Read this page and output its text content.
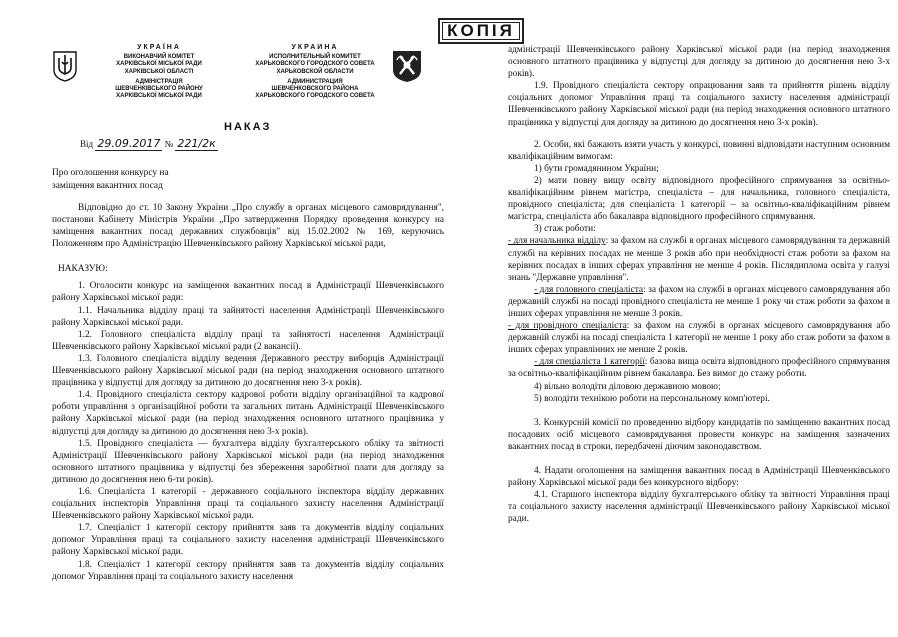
КОПІЯ
УКРАЇНА
ВИКОНАВЧИЙ КОМІТЕТ
ХАРКІВСЬКОЇ МІСЬКОЇ РАДИ
ХАРКІВСЬКОЇ ОБЛАСТІ
АДМІНІСТРАЦІЯ
ШЕВЧЕНКІВСЬКОГО РАЙОНУ
ХАРКІВСЬКОЇ МІСЬКОЇ РАДИ
УКРАИНА
ИСПОЛНИТЕЛЬНЫЙ КОМИТЕТ
ХАРЬКОВСКОГО ГОРОДСКОГО СОВЕТА
ХАРЬКОВСКОЙ ОБЛАСТИ
АДМИНИСТРАЦИЯ
ШЕВЧЕНКОВСКОГО РАЙОНА
ХАРЬКОВСКОГО ГОРОДСКОГО СОВЕТА
НАКАЗ
Від 29.09.2017 № 221/2к
Про оголошення конкурсу на
заміщення вакантних посад

Відповідно до ст. 10 Закону України „Про службу в органах місцевого самоврядування", постанови Кабінету Міністрів України „Про затвердження Порядку проведення конкурсу на заміщення вакантних посад державних службовців" від 15.02.2002 № 169, керуючись Положенням про Адміністрацію Шевченківського району Харківської міської ради,

НАКАЗУЮ:

1. Оголосити конкурс на заміщення вакантних посад в Адміністрації Шевченківського району Харківської міської ради:

1.1. Начальника відділу праці та зайнятості населення Адміністрації Шевченківського району Харківської міської ради.

1.2. Головного спеціаліста відділу праці та зайнятості населення Адміністрації Шевченківського району Харківської міської ради (2 вакансії).

1.3. Головного спеціаліста відділу ведення Державного реєстру виборців Адміністрації Шевченківського району Харківської міської ради (на період знаходження основного штатного працівника у відпустці для догляду за дитиною до досягнення нею 3-х років).

1.4. Провідного спеціаліста сектору кадрової роботи відділу організаційної та кадрової роботи управління з організаційної роботи та загальних питань Адміністрації Шевченківського району Харківської міської ради (на період знаходження основного штатного працівника у відпустці для догляду за дитиною до досягнення нею 3-х років).

1.5. Провідного спеціаліста — бухгалтера відділу бухгалтерського обліку та звітності Адміністрації Шевченківського району Харківської міської ради (на період знаходження основного штатного працівника у відпустці без збереження заробітної плати для догляду за дитиною до досягнення нею 6-ти років).

1.6. Спеціаліста 1 категорії - державного соціального інспектора відділу державних соціальних інспекторів Управління праці та соціального захисту населення Адміністрації Шевченківського району Харківської міської ради.

1.7. Спеціаліст 1 категорії сектору прийняття заяв та документів відділу соціальних допомог Управління праці та соціального захисту населення адміністрації Шевченківського району Харківської міської ради.

1.8. Спеціаліст 1 категорії сектору прийняття заяв та документів відділу соціальних допомог Управління праці та соціального захисту населення

адміністрації Шевченківського району Харківської міської ради (на період знаходження основного штатного працівника у відпустці для догляду за дитиною до досягнення нею 3-х років).

1.9. Провідного спеціаліста сектору опрацювання заяв та прийняття рішень відділу соціальних допомог Управління праці та соціального захисту населення адміністрації Шевченківського району Харківської міської ради (на період знаходження основного штатного працівника у відпустці для догляду за дитиною до досягнення нею 3-х років).

2. Особи, які бажають взяти участь у конкурсі, повинні відповідати наступним основним кваліфікаційним вимогам:

1) бути громадянином України;

2) мати повну вищу освіту відповідного професійного спрямування за освітньо-кваліфікаційним рівнем магістра, спеціаліста – для начальника, головного спеціаліста, провідного спеціаліста; для спеціаліста 1 категорії – за освітньо-кваліфікаційним рівнем магістра, спеціаліста або бакалавра відповідного професійного спрямування.

3) стаж роботи:

- для начальника відділу: за фахом на службі в органах місцевого самоврядування та державній службі на керівних посадах не менше 3 років або при необхідності стаж роботи за фахом на керівних посадах в інших сферах управління не менше 4 років. Післядиплома освіта у галузі знань "Державне управління".

- для головного спеціаліста: за фахом на службі в органах місцевого самоврядування або державній службі на посаді провідного спеціаліста не менше 1 року чи стаж роботи за фахом в інших сферах управління не менше 3 років.

- для провідного спеціаліста: за фахом на службі в органах місцевого самоврядування або державній службі на посаді спеціаліста 1 категорії не менше 1 року або стаж роботи за фахом в інших сферах управлінних не менше 2 років.

- для спеціаліста 1 категорії: базова вища освіта відповідного професійного спрямування за освітньо-кваліфікаційним рівнем бакалавра. Без вимог до стажу роботи.

4) вільно володіти діловою державною мовою;

5) володіти технікою роботи на персональному комп'ютері.

3. Конкурсній комісії по проведенню відбору кандидатів по заміщенню вакантних посад посадових осіб місцевого самоврядування провести конкурс на заміщення зазначених вакантних посад в строки, передбачені діючим законодавством.

4. Надати оголошення на заміщення вакантних посад в Адміністрації Шевченківського району Харківської міської ради без конкурсного відбору:

4.1. Старшого інспектора відділу бухгалтерського обліку та звітності Управління праці та соціального захисту населення адміністрації Шевченківського району Харківської міської ради.
